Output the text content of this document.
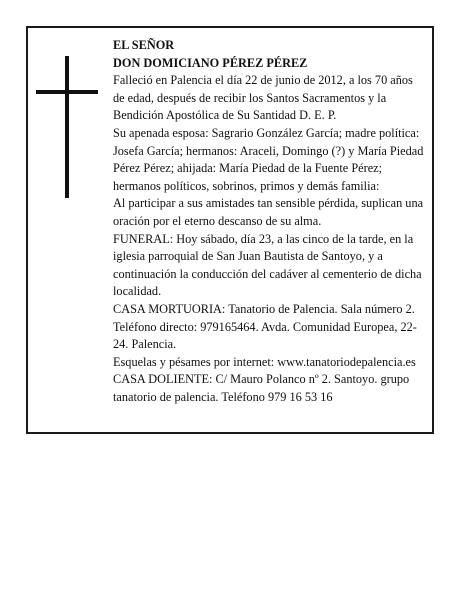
EL SEÑOR

DON DOMICIANO PÉREZ PÉREZ

Falleció en Palencia el día 22 de junio de 2012, a los 70 años de edad, después de recibir los Santos Sacramentos y la Bendición Apostólica de Su Santidad D. E. P.

Su apenada esposa: Sagrario González García; madre política: Josefa García; hermanos: Araceli, Domingo (?) y María Piedad Pérez Pérez; ahijada: María Piedad de la Fuente Pérez; hermanos políticos, sobrinos, primos y demás familia:

Al participar a sus amistades tan sensible pérdida, suplican una oración por el eterno descanso de su alma.

FUNERAL: Hoy sábado, día 23, a las cinco de la tarde, en la iglesia parroquial de San Juan Bautista de Santoyo, y a continuación la conducción del cadáver al cementerio de dicha localidad.

CASA MORTUORIA: Tanatorio de Palencia. Sala número 2. Teléfono directo: 979165464. Avda. Comunidad Europea, 22-24. Palencia.

Esquelas y pésames por internet: www.tanatoriodepalencia.es

CASA DOLIENTE: C/ Mauro Polanco nº 2. Santoyo. grupo tanatorio de palencia. Teléfono 979 16 53 16
